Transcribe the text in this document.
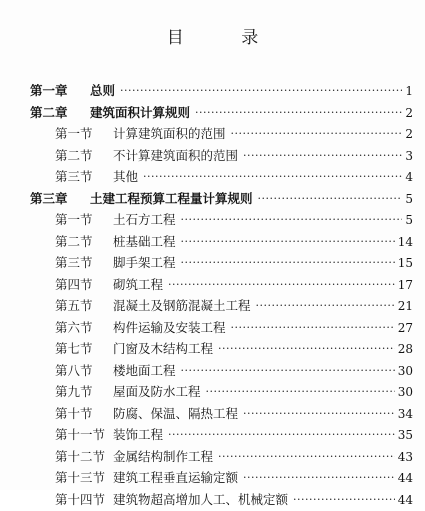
目 录
第一章	总则 ·····	1
第二章	建筑面积计算规则 ·····	2
第一节	计算建筑面积的范围 ·····	2
第二节	不计算建筑面积的范围 ·····	3
第三节	其他 ·····	4
第三章	土建工程预算工程量计算规则 ·····	5
第一节	土石方工程 ·····	5
第二节	桩基础工程 ·····	14
第三节	脚手架工程 ·····	15
第四节	砌筑工程 ·····	17
第五节	混凝土及钢筋混凝土工程 ·····	21
第六节	构件运输及安装工程 ·····	27
第七节	门窗及木结构工程 ·····	28
第八节	楼地面工程 ·····	30
第九节	屋面及防水工程 ·····	30
第十节	防腐、保温、隔热工程 ·····	34
第十一节 装饰工程 ·····	35
第十二节 金属结构制作工程 ·····	43
第十三节 建筑工程垂直运输定额 ·····	44
第十四节 建筑物超高增加人工、机械定额 ·····	44
